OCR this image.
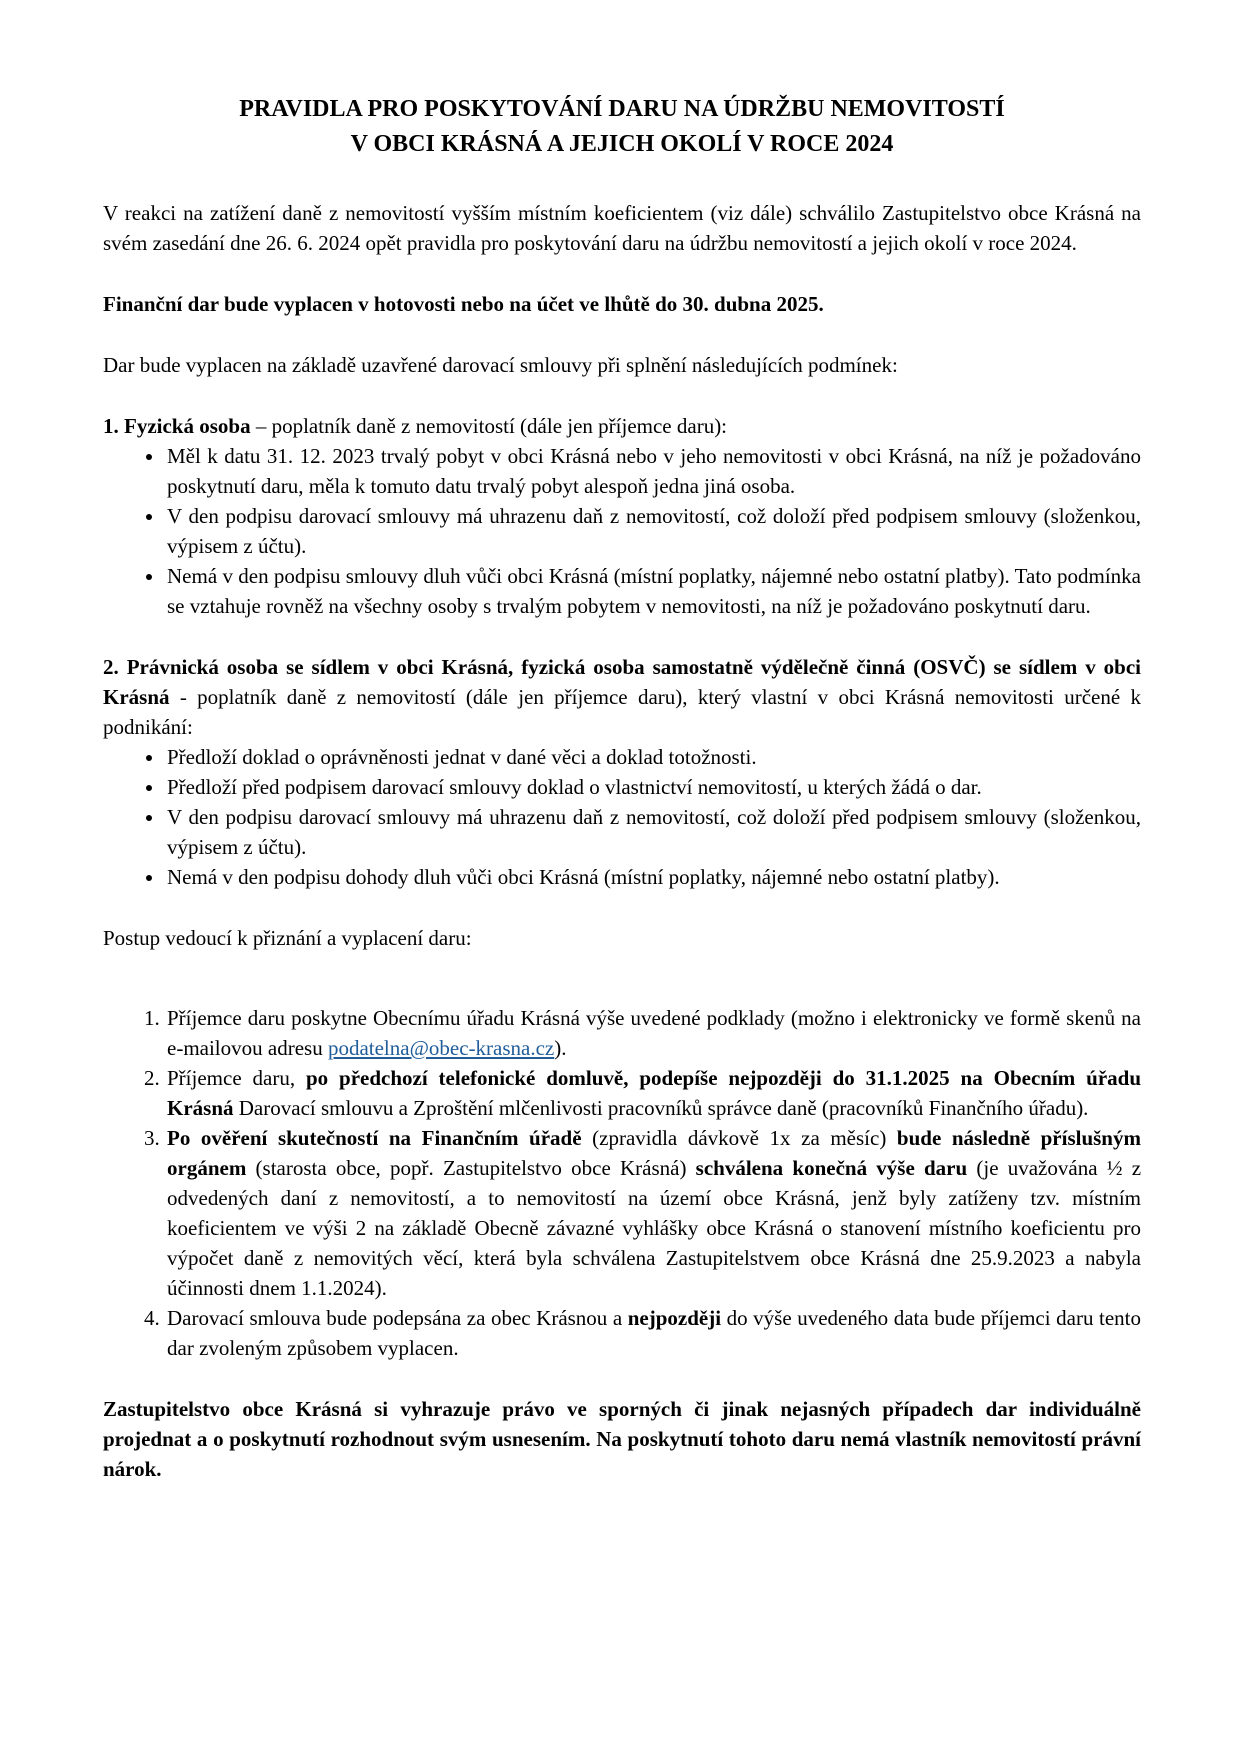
PRAVIDLA PRO POSKYTOVÁNÍ DARU NA ÚDRŽBU NEMOVITOSTÍ
V OBCI KRÁSNÁ A JEJICH OKOLÍ V ROCE 2024

V reakci na zatížení daně z nemovitostí vyšším místním koeficientem (viz dále) schválilo Zastupitelstvo obce Krásná na svém zasedání dne 26. 6. 2024 opět pravidla pro poskytování daru na údržbu nemovitostí a jejich okolí v roce 2024.

Finanční dar bude vyplacen v hotovosti nebo na účet ve lhůtě do 30. dubna 2025.

Dar bude vyplacen na základě uzavřené darovací smlouvy při splnění následujících podmínek:

1. Fyzická osoba – poplatník daně z nemovitostí (dále jen příjemce daru):

• Měl k datu 31. 12. 2023 trvalý pobyt v obci Krásná nebo v jeho nemovitosti v obci Krásná, na níž je požadováno poskytnutí daru, měla k tomuto datu trvalý pobyt alespoň jedna jiná osoba.
• V den podpisu darovací smlouvy má uhrazenu daň z nemovitostí, což doloží před podpisem smlouvy (složenkou, výpisem z účtu).
• Nemá v den podpisu smlouvy dluh vůči obci Krásná (místní poplatky, nájemné nebo ostatní platby). Tato podmínka se vztahuje rovněž na všechny osoby s trvalým pobytem v nemovitosti, na níž je požadováno poskytnutí daru.

2. Právnická osoba se sídlem v obci Krásná, fyzická osoba samostatně výdělečně činná (OSVČ) se sídlem v obci Krásná - poplatník daně z nemovitostí (dále jen příjemce daru), který vlastní v obci Krásná nemovitosti určené k podnikání:

• Předloží doklad o oprávněnosti jednat v dané věci a doklad totožnosti.
• Předloží před podpisem darovací smlouvy doklad o vlastnictví nemovitostí, u kterých žádá o dar.
• V den podpisu darovací smlouvy má uhrazenu daň z nemovitostí, což doloží před podpisem smlouvy (složenkou, výpisem z účtu).
• Nemá v den podpisu dohody dluh vůči obci Krásná (místní poplatky, nájemné nebo ostatní platby).

Postup vedoucí k přiznání a vyplacení daru:

1. Příjemce daru poskytne Obecnímu úřadu Krásná výše uvedené podklady (možno i elektronicky ve formě skenů na e-mailovou adresu podatelna@obec-krasna.cz).
2. Příjemce daru, po předchozí telefonické domluvě, podepíše nejpozději do 31.1.2025 na Obecním úřadu Krásná Darovací smlouvu a Zproštění mlčenlivosti pracovníků správce daně (pracovníků Finančního úřadu).
3. Po ověření skutečností na Finančním úřadě (zpravidla dávkově 1x za měsíc) bude následně příslušným orgánem (starosta obce, popř. Zastupitelstvo obce Krásná) schválena konečná výše daru (je uvažována ½ z odvedených daní z nemovitostí, a to nemovitostí na území obce Krásná, jenž byly zatíženy tzv. místním koeficientem ve výši 2 na základě Obecně závazné vyhlášky obce Krásná o stanovení místního koeficientu pro výpočet daně z nemovitých věcí, která byla schválena Zastupitelstvem obce Krásná dne 25.9.2023 a nabyla účinnosti dnem 1.1.2024).
4. Darovací smlouva bude podepsána za obec Krásnou a nejpozději do výše uvedeného data bude příjemci daru tento dar zvoleným způsobem vyplacen.

Zastupitelstvo obce Krásná si vyhrazuje právo ve sporných či jinak nejasných případech dar individuálně projednat a o poskytnutí rozhodnout svým usnesením. Na poskytnutí tohoto daru nemá vlastník nemovitostí právní nárok.
